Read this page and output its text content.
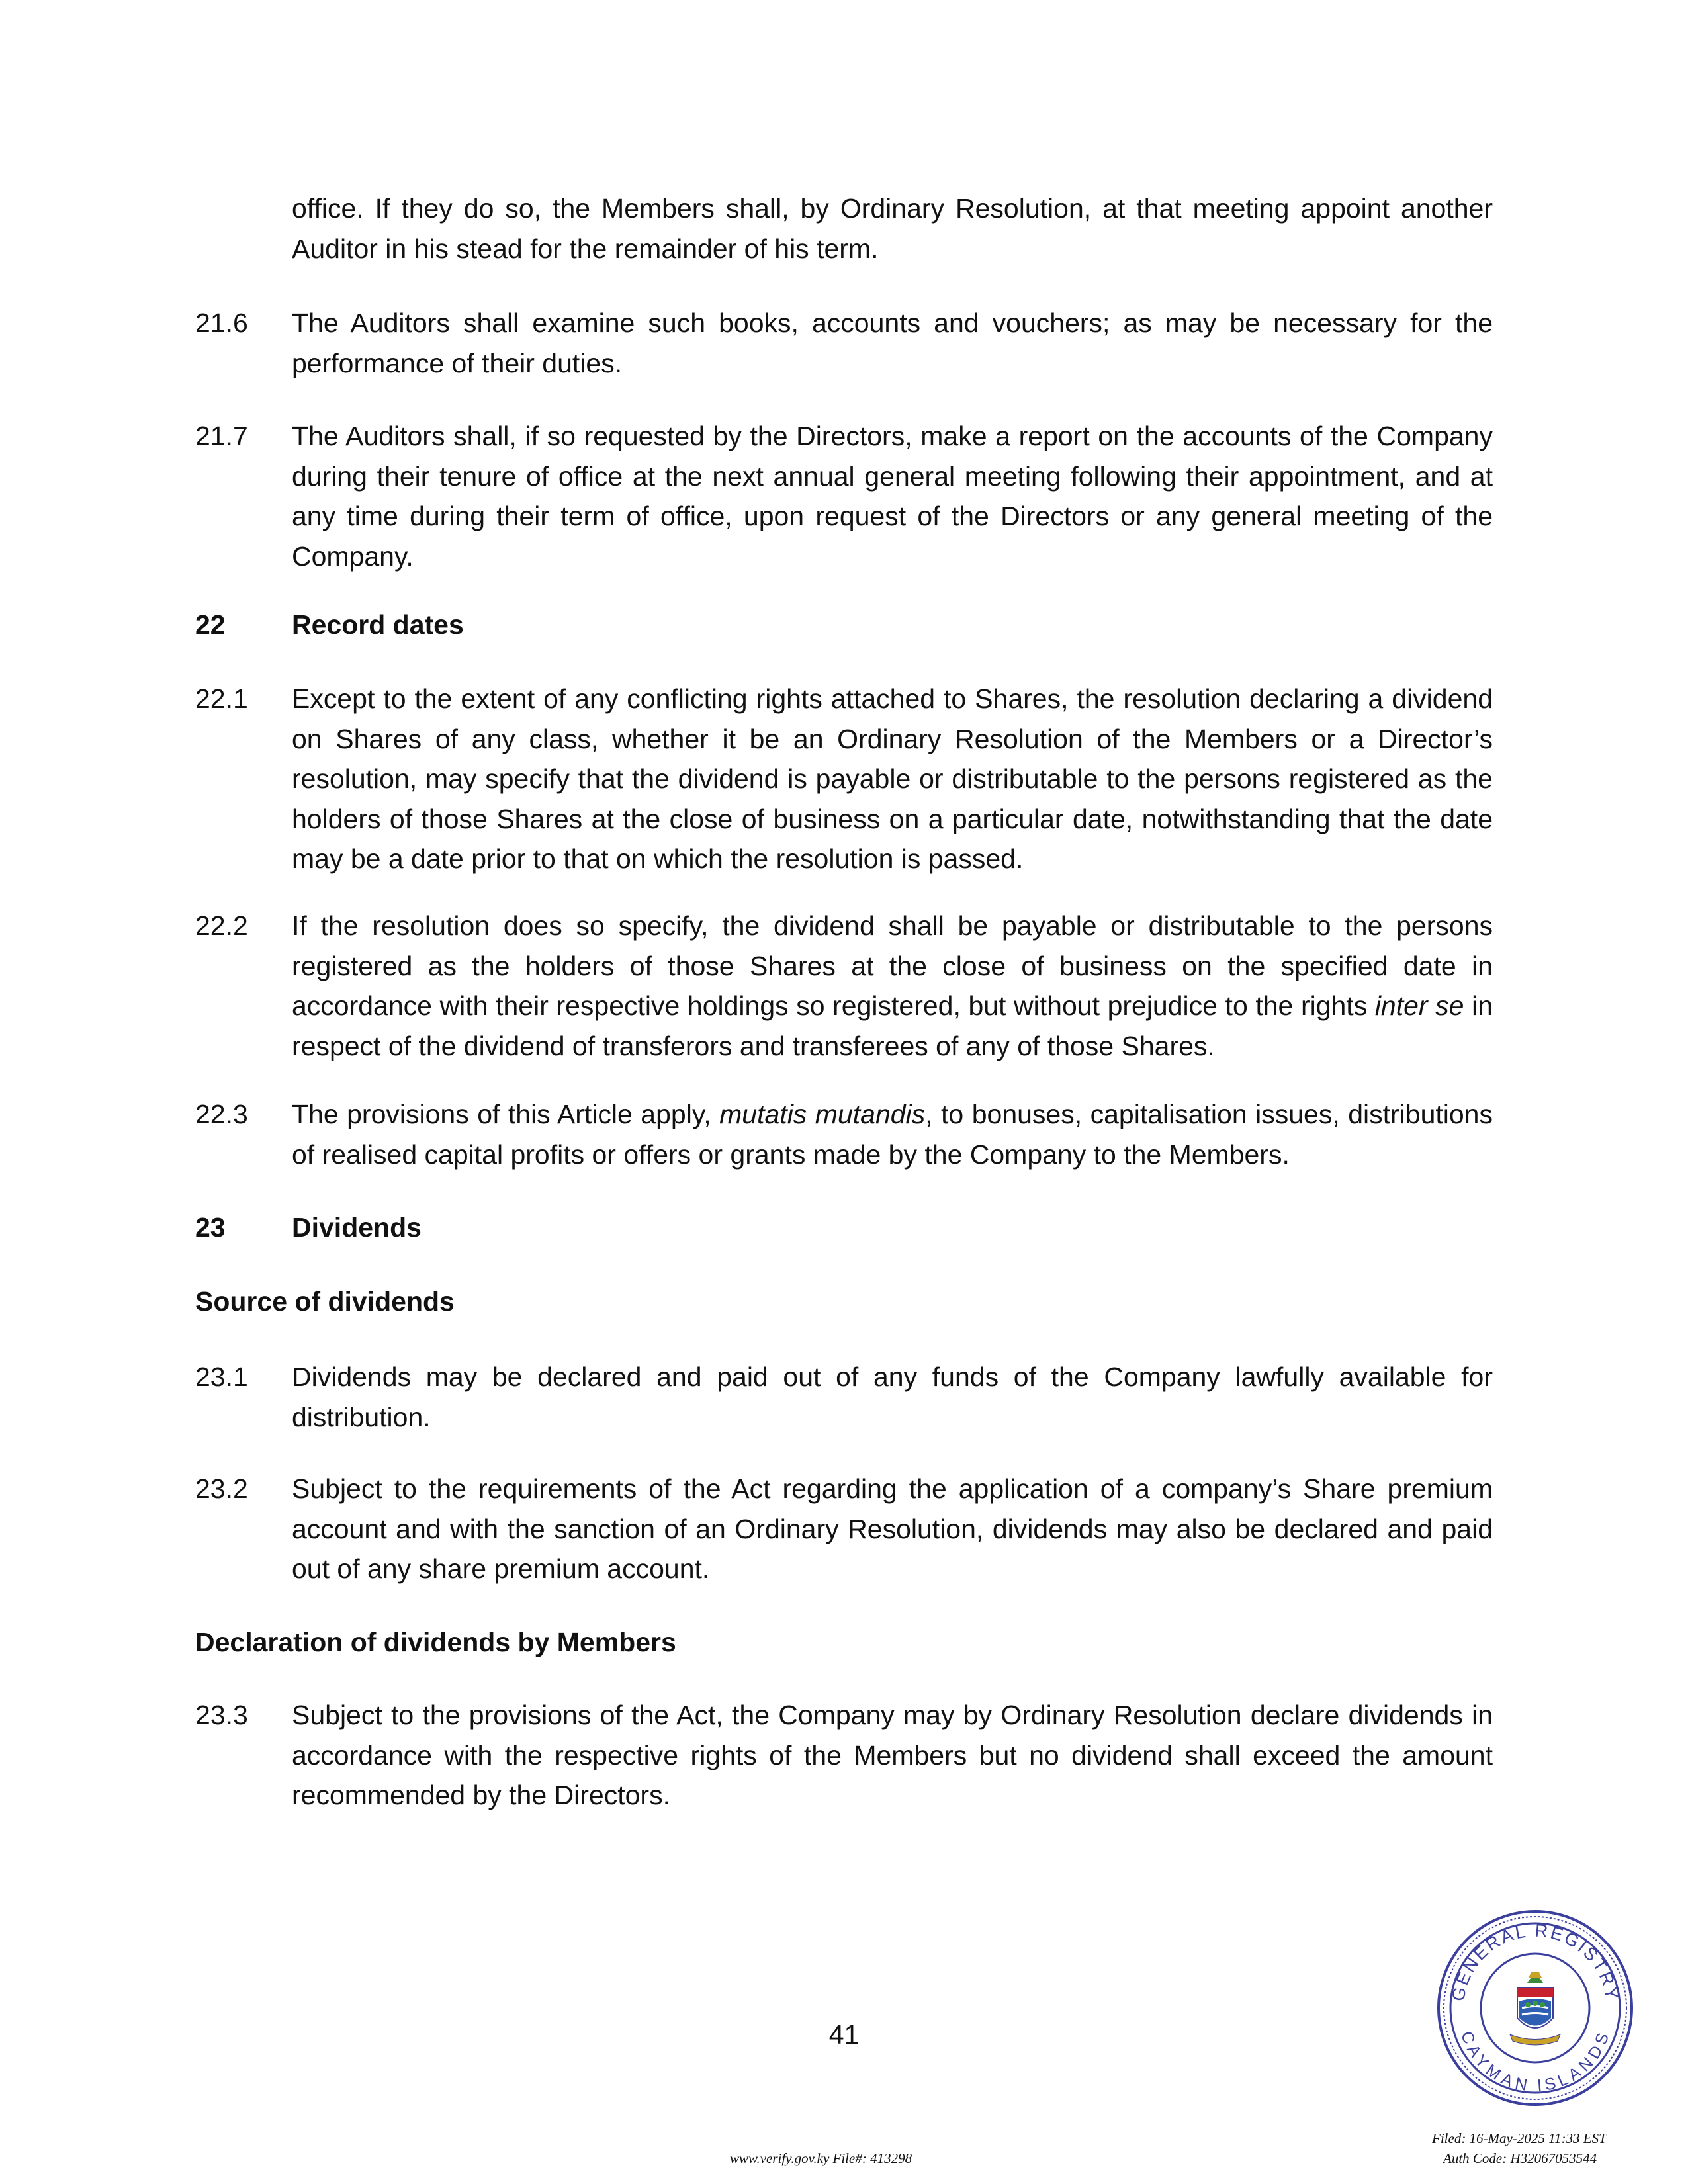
office. If they do so, the Members shall, by Ordinary Resolution, at that meeting appoint another Auditor in his stead for the remainder of his term.
21.6 The Auditors shall examine such books, accounts and vouchers; as may be necessary for the performance of their duties.
21.7 The Auditors shall, if so requested by the Directors, make a report on the accounts of the Company during their tenure of office at the next annual general meeting following their appointment, and at any time during their term of office, upon request of the Directors or any general meeting of the Company.
22 Record dates
22.1 Except to the extent of any conflicting rights attached to Shares, the resolution declaring a dividend on Shares of any class, whether it be an Ordinary Resolution of the Members or a Director’s resolution, may specify that the dividend is payable or distributable to the persons registered as the holders of those Shares at the close of business on a particular date, notwithstanding that the date may be a date prior to that on which the resolution is passed.
22.2 If the resolution does so specify, the dividend shall be payable or distributable to the persons registered as the holders of those Shares at the close of business on the specified date in accordance with their respective holdings so registered, but without prejudice to the rights inter se in respect of the dividend of transferors and transferees of any of those Shares.
22.3 The provisions of this Article apply, mutatis mutandis, to bonuses, capitalisation issues, distributions of realised capital profits or offers or grants made by the Company to the Members.
23 Dividends
Source of dividends
23.1 Dividends may be declared and paid out of any funds of the Company lawfully available for distribution.
23.2 Subject to the requirements of the Act regarding the application of a company’s Share premium account and with the sanction of an Ordinary Resolution, dividends may also be declared and paid out of any share premium account.
Declaration of dividends by Members
23.3 Subject to the provisions of the Act, the Company may by Ordinary Resolution declare dividends in accordance with the respective rights of the Members but no dividend shall exceed the amount recommended by the Directors.
41
GENERAL REGISTRY
CAYMAN ISLANDS
www.verify.gov.ky File#: 413298
Filed: 16-May-2025 11:33 EST
Auth Code: H32067053544
